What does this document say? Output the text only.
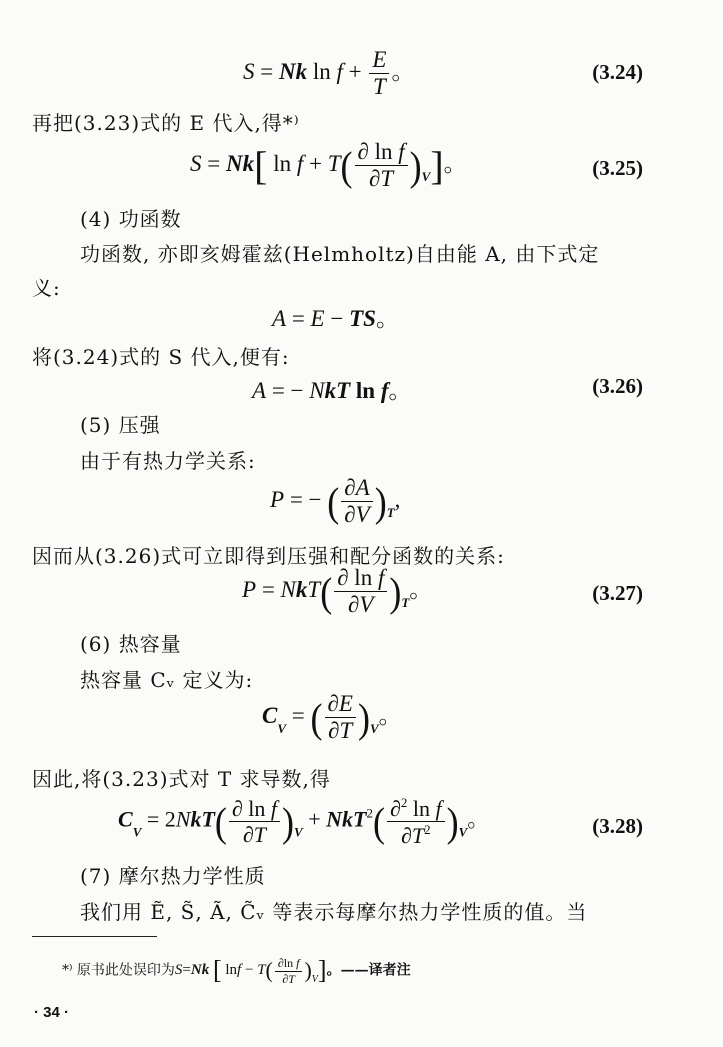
S = Nk $\ln f + \frac{E}{T}$ 。	(3.24)
再把(3.23)式的 E 代入,得*⁾
S = Nk[ $\ln f + T( \frac{\text{∂ ln f}}{\partial T} )_V$]。	(3.25)
(4) 功函数
功函数, 亦即亥姆霍兹(Helmholtz)自由能 A, 由下式定
义:
A = E − TS。
将(3.24)式的 S 代入,便有:
A = − NkT ln f。	(3.26)
(5) 压强
由于有热力学关系:
P = − ( $\frac{\partial A}{\partial V} )_T$,
因而从(3.26)式可立即得到压强和配分函数的关系:
$P = NkT( \frac{\text{∂ ln f}}{\partial V} )_T$。	(3.27)
(6) 热容量
热容量 Cᵥ 定义为:
$C_V$ = ( $\frac{\partial E}{\partial T} )_V$。
因此,将(3.23)式对 T 求导数,得
$C_V = 2NkT( \frac{\text{∂ ln f}}{\partial T} )_V + NkT^2( \frac{\partial^2 \ln f}{\partial T^2} )_V$。	(3.28)
(7) 摩尔热力学性质
我们用 Ẽ, S̃, Ã, C̃ᵥ 等表示每摩尔热力学性质的值。当
*⁾ 原书此处误印为S=Nk [ $\ln f - T( \frac{\text{∂ln f}}{\partial T} )_V$]。——译者注
· 34 ·
